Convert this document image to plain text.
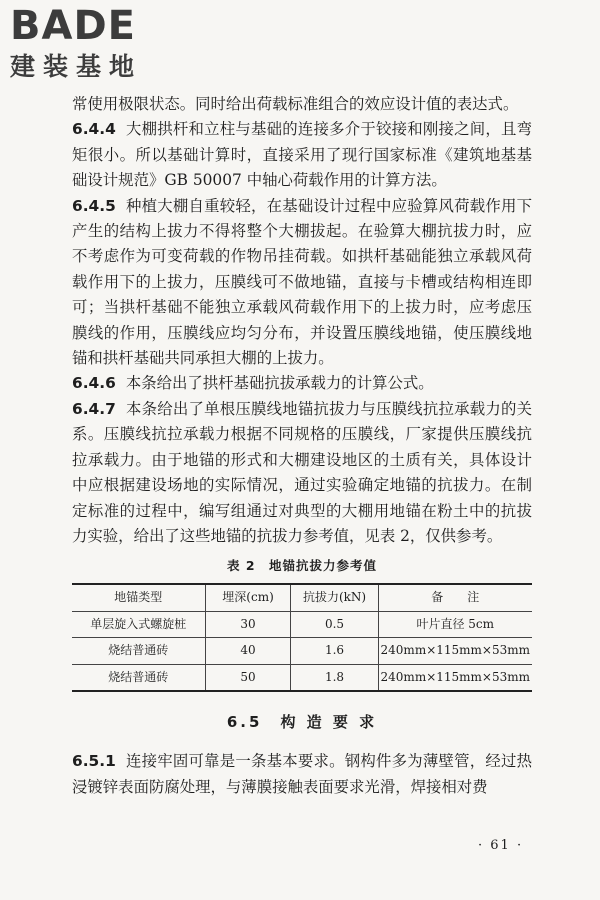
BADE
建装基地

常使用极限状态。同时给出荷载标准组合的效应设计值的表达式。

6.4.4 大棚拱杆和立柱与基础的连接多介于铰接和刚接之间，且弯矩很小。所以基础计算时，直接采用了现行国家标准《建筑地基基础设计规范》GB 50007 中轴心荷载作用的计算方法。

6.4.5 种植大棚自重较轻，在基础设计过程中应验算风荷载作用下产生的结构上拔力不得将整个大棚拔起。在验算大棚抗拔力时，应不考虑作为可变荷载的作物吊挂荷载。如拱杆基础能独立承载风荷载作用下的上拔力，压膜线可不做地锚，直接与卡槽或结构相连即可；当拱杆基础不能独立承载风荷载作用下的上拔力时，应考虑压膜线的作用，压膜线应均匀分布，并设置压膜线地锚，使压膜线地锚和拱杆基础共同承担大棚的上拔力。

6.4.6 本条给出了拱杆基础抗拔承载力的计算公式。

6.4.7 本条给出了单根压膜线地锚抗拔力与压膜线抗拉承载力的关系。压膜线抗拉承载力根据不同规格的压膜线，厂家提供压膜线抗拉承载力。由于地锚的形式和大棚建设地区的土质有关，具体设计中应根据建设场地的实际情况，通过实验确定地锚的抗拔力。在制定标准的过程中，编写组通过对典型的大棚用地锚在粉土中的抗拔力实验，给出了这些地锚的抗拔力参考值，见表 2，仅供参考。

表 2　地锚抗拔力参考值
地锚类型	埋深(cm)	抗拔力(kN)	备　　注
单层旋入式螺旋桩	30	0.5	叶片直径 5cm
烧结普通砖	40	1.6	240mm×115mm×53mm
烧结普通砖	50	1.8	240mm×115mm×53mm
6.5　构 造 要 求

6.5.1 连接牢固可靠是一条基本要求。钢构件多为薄壁管，经过热浸镀锌表面防腐处理，与薄膜接触表面要求光滑，焊接相对费

· 61 ·
